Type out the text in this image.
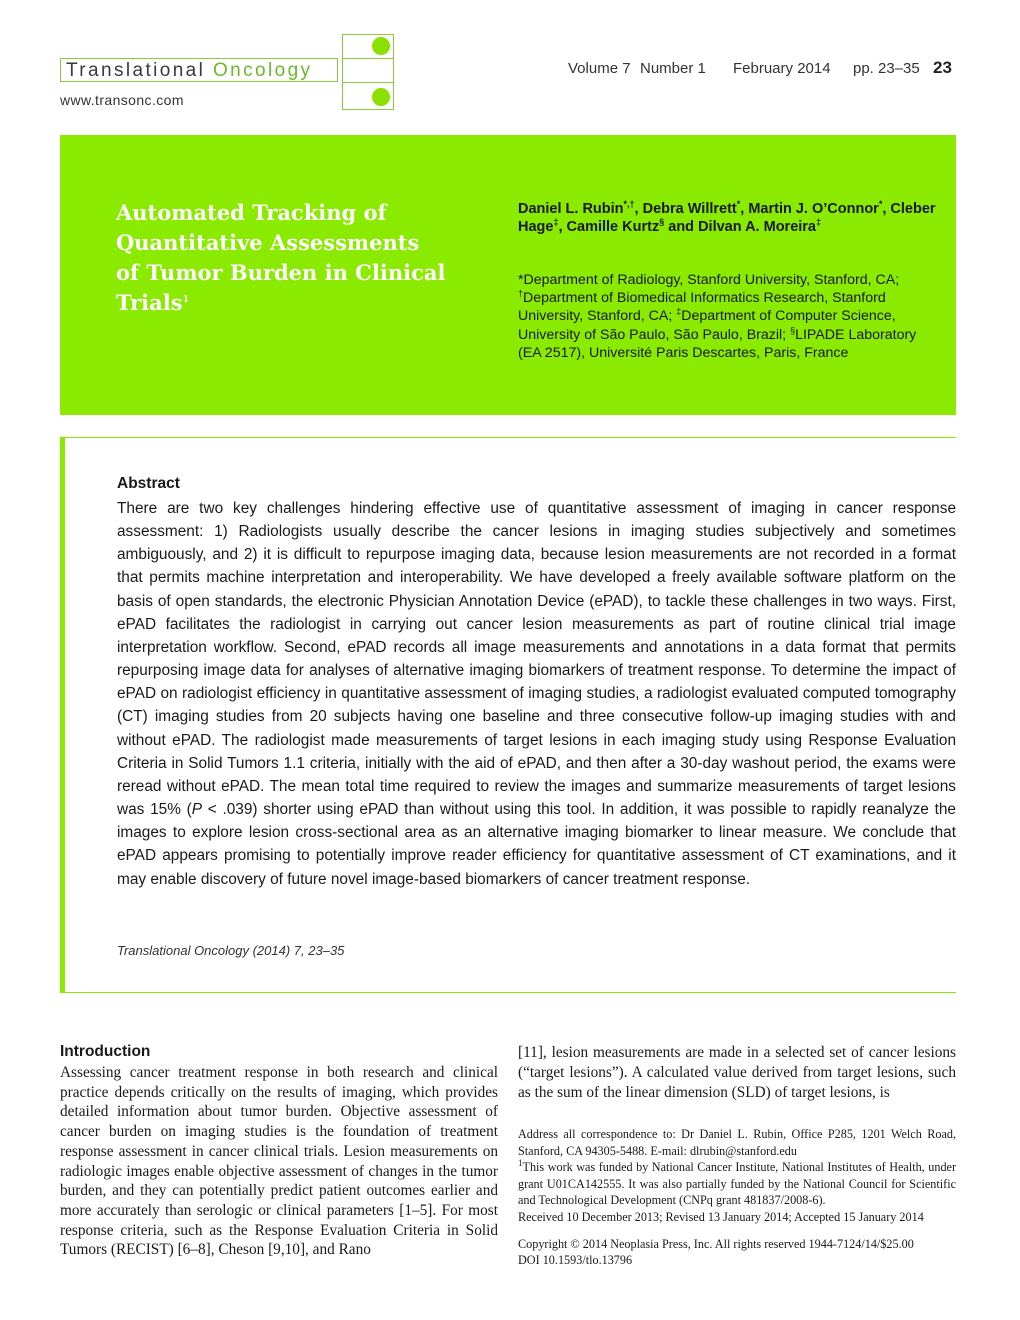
Translational Oncology
www.transonc.com
Volume 7 Number 1 February 2014 pp. 23–35 23
Automated Tracking of Quantitative Assessments of Tumor Burden in Clinical Trials$^1$
Daniel L. Rubin*,†, Debra Willrett*, Martin J. O’Connor*, Cleber Hage‡, Camille Kurtz§ and Dilvan A. Moreira‡
*Department of Radiology, Stanford University, Stanford, CA; †Department of Biomedical Informatics Research, Stanford University, Stanford, CA; ‡Department of Computer Science, University of São Paulo, São Paulo, Brazil; §LIPADE Laboratory (EA 2517), Université Paris Descartes, Paris, France
Abstract

There are two key challenges hindering effective use of quantitative assessment of imaging in cancer response assessment: 1) Radiologists usually describe the cancer lesions in imaging studies subjectively and sometimes ambiguously, and 2) it is difficult to repurpose imaging data, because lesion measurements are not recorded in a format that permits machine interpretation and interoperability. We have developed a freely available software platform on the basis of open standards, the electronic Physician Annotation Device (ePAD), to tackle these challenges in two ways. First, ePAD facilitates the radiologist in carrying out cancer lesion measurements as part of routine clinical trial image interpretation workflow. Second, ePAD records all image measurements and annotations in a data format that permits repurposing image data for analyses of alternative imaging biomarkers of treatment response. To determine the impact of ePAD on radiologist efficiency in quantitative assessment of imaging studies, a radiologist evaluated computed tomography (CT) imaging studies from 20 subjects having one baseline and three consecutive follow-up imaging studies with and without ePAD. The radiologist made measurements of target lesions in each imaging study using Response Evaluation Criteria in Solid Tumors 1.1 criteria, initially with the aid of ePAD, and then after a 30-day washout period, the exams were reread without ePAD. The mean total time required to review the images and summarize measurements of target lesions was 15% (P < .039) shorter using ePAD than without using this tool. In addition, it was possible to rapidly reanalyze the images to explore lesion cross-sectional area as an alternative imaging biomarker to linear measure. We conclude that ePAD appears promising to potentially improve reader efficiency for quantitative assessment of CT examinations, and it may enable discovery of future novel image-based biomarkers of cancer treatment response.

Translational Oncology (2014) 7, 23–35
Introduction

Assessing cancer treatment response in both research and clinical practice depends critically on the results of imaging, which provides detailed information about tumor burden. Objective assessment of cancer burden on imaging studies is the foundation of treatment response assessment in cancer clinical trials. Lesion measurements on radiologic images enable objective assessment of changes in the tumor burden, and they can potentially predict patient outcomes earlier and more accurately than serologic or clinical parameters [1–5]. For most response criteria, such as the Response Evaluation Criteria in Solid Tumors (RECIST) [6–8], Cheson [9,10], and Rano

[11], lesion measurements are made in a selected set of cancer lesions (“target lesions”). A calculated value derived from target lesions, such as the sum of the linear dimension (SLD) of target lesions, is

Address all correspondence to: Dr Daniel L. Rubin, Office P285, 1201 Welch Road, Stanford, CA 94305-5488. E-mail: dlrubin@stanford.edu

$^1$This work was funded by National Cancer Institute, National Institutes of Health, under grant U01CA142555. It was also partially funded by the National Council for Scientific and Technological Development (CNPq grant 481837/2008-6).

Received 10 December 2013; Revised 13 January 2014; Accepted 15 January 2014

Copyright © 2014 Neoplasia Press, Inc. All rights reserved 1944-7124/14/$25.00

DOI 10.1593/tlo.13796
